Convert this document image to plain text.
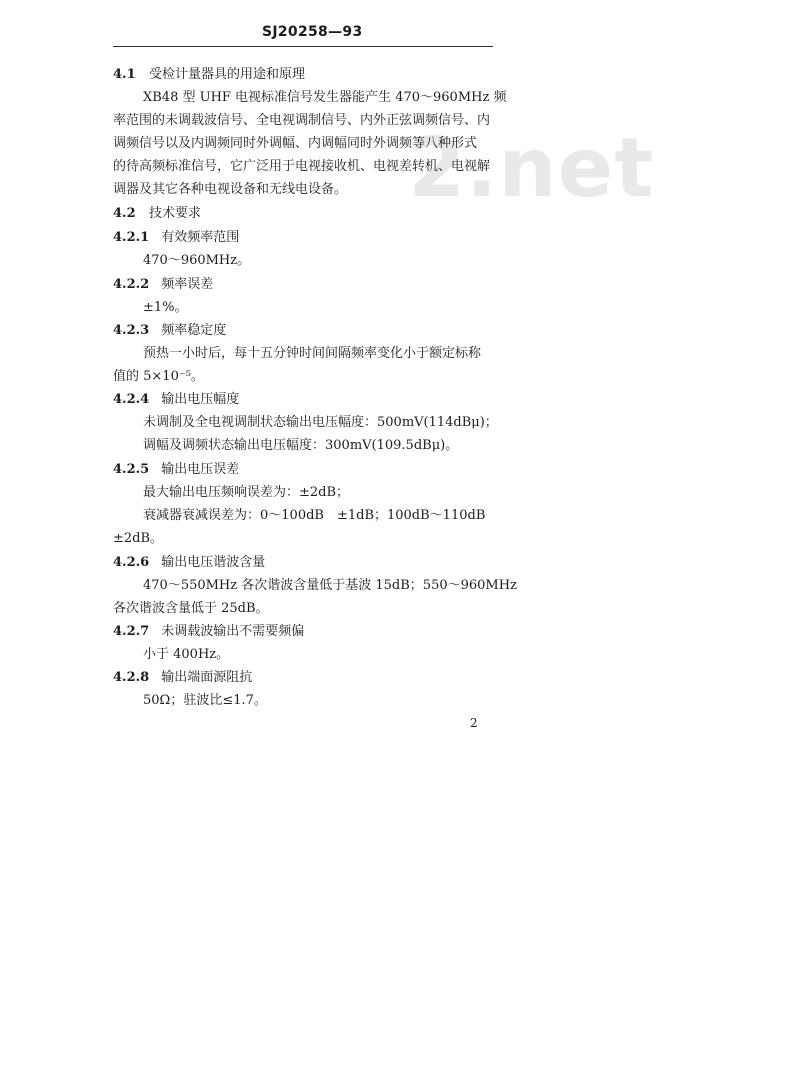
SJ20258—93
2.net
4.1 受检计量器具的用途和原理
XB48 型 UHF 电视标准信号发生器能产生 470～960MHz 频
率范围的未调载波信号、全电视调制信号、内外正弦调频信号、内
调频信号以及内调频同时外调幅、内调幅同时外调频等八种形式
的待高频标准信号，它广泛用于电视接收机、电视差转机、电视解
调器及其它各种电视设备和无线电设备。
4.2 技术要求
4.2.1 有效频率范围
470～960MHz。
4.2.2 频率误差
±1%。
4.2.3 频率稳定度
预热一小时后，每十五分钟时间间隔频率变化小于额定标称
值的 5×10⁻⁵。
4.2.4 输出电压幅度
未调制及全电视调制状态输出电压幅度：500mV(114dBμ)；
调幅及调频状态输出电压幅度：300mV(109.5dBμ)。
4.2.5 输出电压误差
最大输出电压频响误差为：±2dB；
衰减器衰减误差为：0～100dB　±1dB；100dB～110dB
±2dB。
4.2.6 输出电压谐波含量
470～550MHz 各次谐波含量低于基波 15dB；550～960MHz
各次谐波含量低于 25dB。
4.2.7 未调载波输出不需要频偏
小于 400Hz。
4.2.8 输出端面源阻抗
50Ω；驻波比≤1.7。
2
